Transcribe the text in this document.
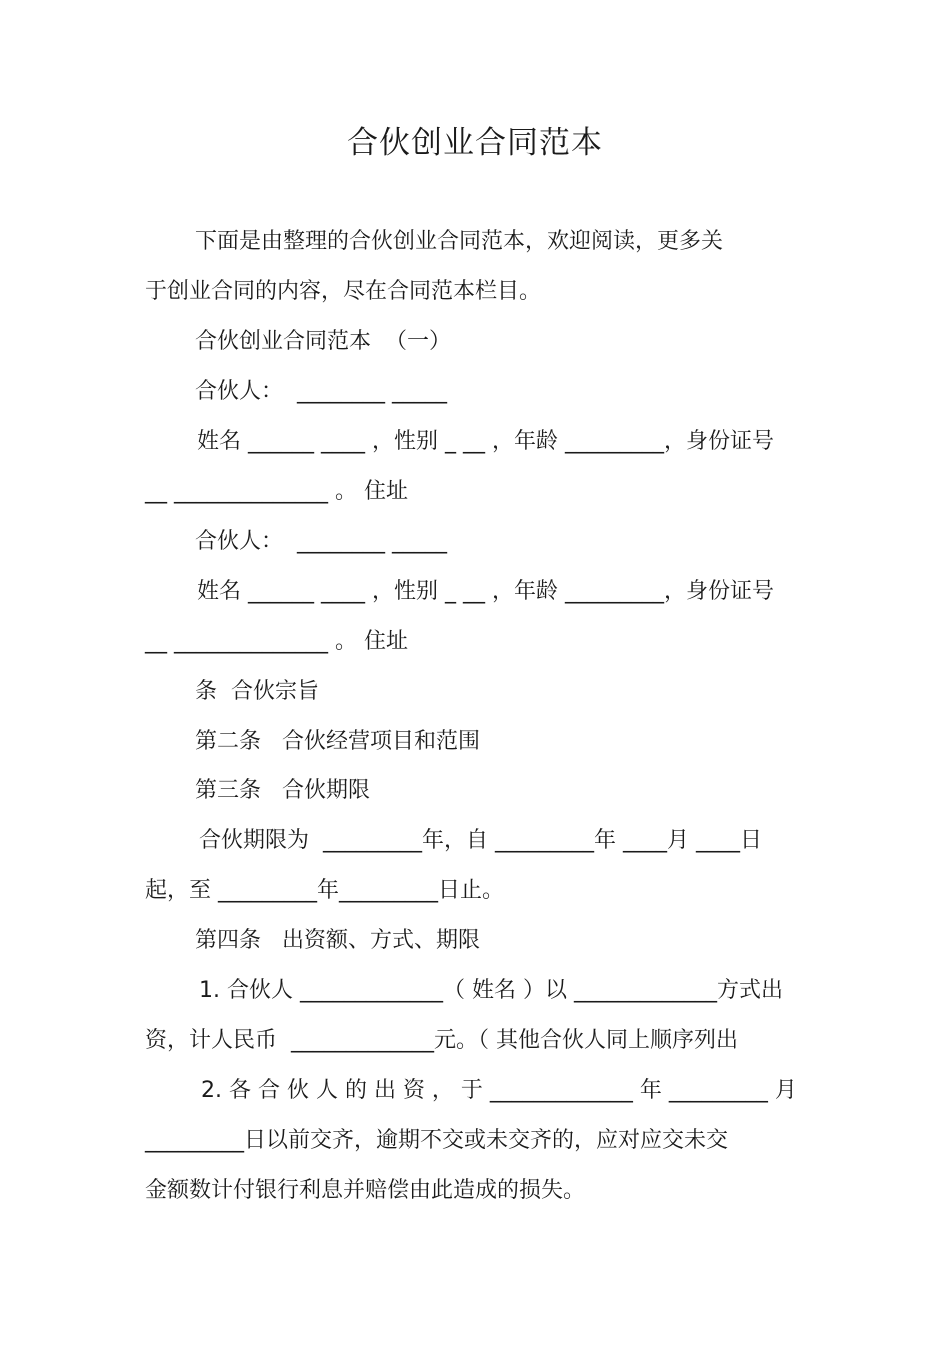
合伙创业合同范本
下面是由整理的合伙创业合同范本，欢迎阅读，更多关
于创业合同的内容，尽在合同范本栏目。
合伙创业合同范本  （一）
合伙人：  ________ _____
姓名 ______ ____ ，性别 _ __ ，年龄 _________，身份证号
__ ______________ 。 住址
合伙人：  ________ _____
姓名 ______ ____ ，性别 _ __ ，年龄 _________，身份证号
__ ______________ 。 住址
条  合伙宗旨
第二条   合伙经营项目和范围
第三条   合伙期限
合伙期限为  _________年，自 _________年 ____月 ____日
起，至 _________年_________日止。
第四条   出资额、方式、期限
1. 合伙人 _____________（ 姓名 ）以 _____________方式出
资，计人民币  _____________元。（ 其他合伙人同上顺序列出
2. 各 合 伙 人 的 出 资 ， 于 _____________ 年 _________ 月
_________日以前交齐，逾期不交或未交齐的，应对应交未交
金额数计付银行利息并赔偿由此造成的损失。
